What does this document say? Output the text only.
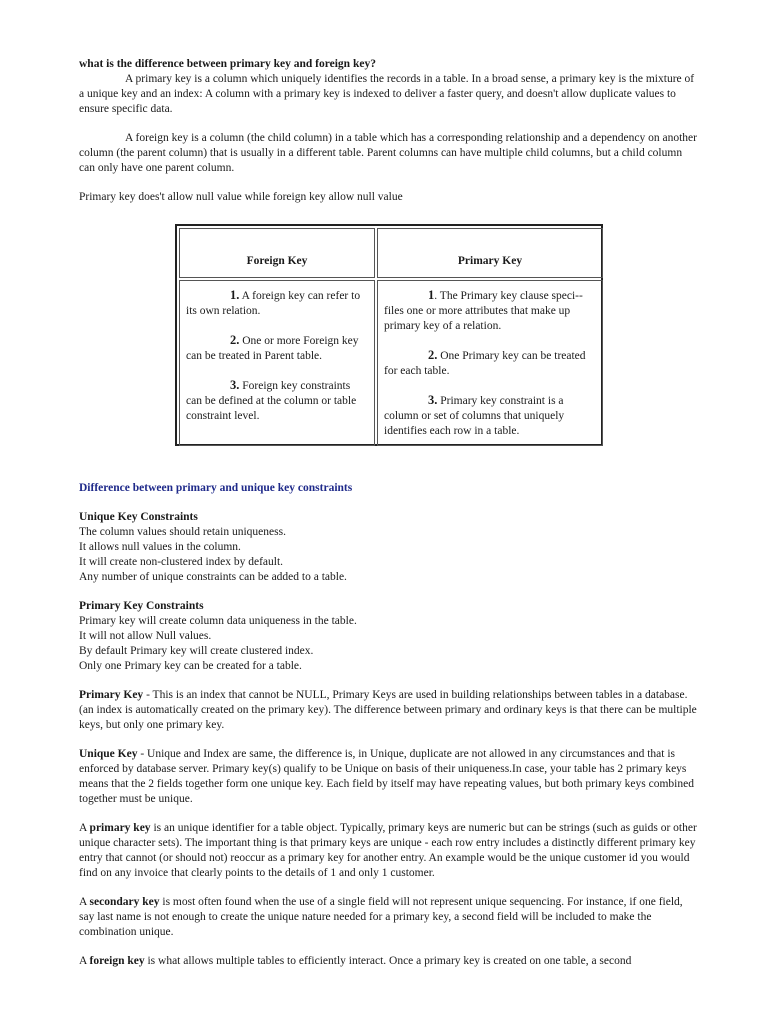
what is the difference between primary key and foreign key?

A primary key is a column which uniquely identifies the records in a table. In a broad sense, a primary key is the mixture of a unique key and an index: A column with a primary key is indexed to deliver a faster query, and doesn't allow duplicate values to ensure specific data.

A foreign key is a column (the child column) in a table which has a corresponding relationship and a dependency on another column (the parent column) that is usually in a different table. Parent columns can have multiple child columns, but a child column can only have one parent column.

Primary key does't allow null value while foreign key allow null value

Foreign Key	Primary Key

1. A foreign key can refer to its own relation.

2. One or more Foreign key can be treated in Parent table.

3. Foreign key constraints can be defined at the column or table constraint level.

1. The Primary key clause speci-- files one or more attributes that make up primary key of a relation.

2. One Primary key can be treated for each table.

3. Primary key constraint is a column or set of columns that uniquely identifies each row in a table.

Difference between primary and unique key constraints

Unique Key Constraints

The column values should retain uniqueness.

It allows null values in the column.

It will create non-clustered index by default.

Any number of unique constraints can be added to a table.

Primary Key Constraints

Primary key will create column data uniqueness in the table.

It will not allow Null values.

By default Primary key will create clustered index.

Only one Primary key can be created for a table.

Primary Key - This is an index that cannot be NULL, Primary Keys are used in building relationships between tables in a database. (an index is automatically created on the primary key). The difference between primary and ordinary keys is that there can be multiple keys, but only one primary key.

Unique Key - Unique and Index are same, the difference is, in Unique, duplicate are not allowed in any circumstances and that is enforced by database server. Primary key(s) qualify to be Unique on basis of their uniqueness.In case, your table has 2 primary keys means that the 2 fields together form one unique key. Each field by itself may have repeating values, but both primary keys combined together must be unique.

A primary key is an unique identifier for a table object. Typically, primary keys are numeric but can be strings (such as guids or other unique character sets). The important thing is that primary keys are unique - each row entry includes a distinctly different primary key entry that cannot (or should not) reoccur as a primary key for another entry. An example would be the unique customer id you would find on any invoice that clearly points to the details of 1 and only 1 customer.

A secondary key is most often found when the use of a single field will not represent unique sequencing. For instance, if one field, say last name is not enough to create the unique nature needed for a primary key, a second field will be included to make the combination unique.

A foreign key is what allows multiple tables to efficiently interact. Once a primary key is created on one table, a second
